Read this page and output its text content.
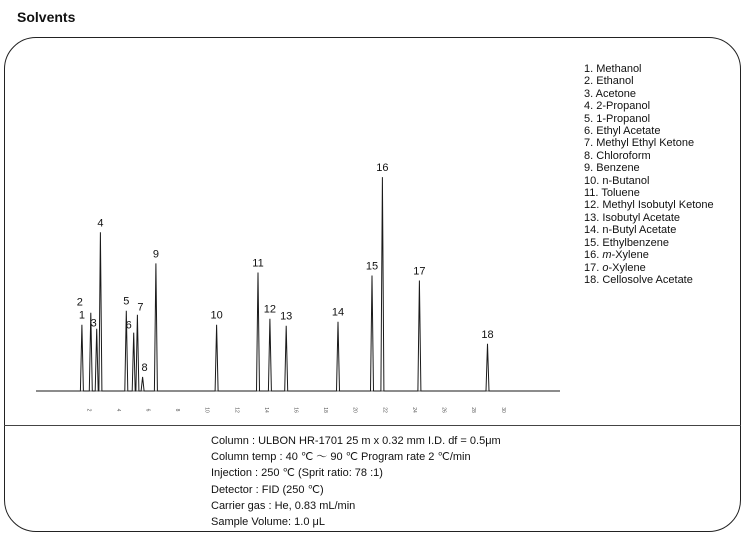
Solvents
1
2
3
4
5
6
7
8
9
10
11
12
13	14
15
16
17
18
2	4	6	8	10	12	14	16	18	20	22	24	26	28	30
1. Methanol
2. Ethanol
3. Acetone
4. 2-Propanol
5. 1-Propanol
6. Ethyl Acetate
7. Methyl Ethyl Ketone
8. Chloroform
9. Benzene
10. n-Butanol
11. Toluene
12. Methyl Isobutyl Ketone
13. Isobutyl Acetate
14. n-Butyl Acetate
15. Ethylbenzene
16. m-Xylene
17. o-Xylene
18. Cellosolve Acetate
Column : ULBON HR-1701 25 m x 0.32 mm I.D. df = 0.5μm
Column temp : 40 ℃ ～ 90 ℃ Program rate 2 ℃/min
Injection : 250 ℃ (Sprit ratio: 78 :1)
Detector : FID (250 ℃)
Carrier gas : He, 0.83 mL/min
Sample Volume: 1.0 μL
